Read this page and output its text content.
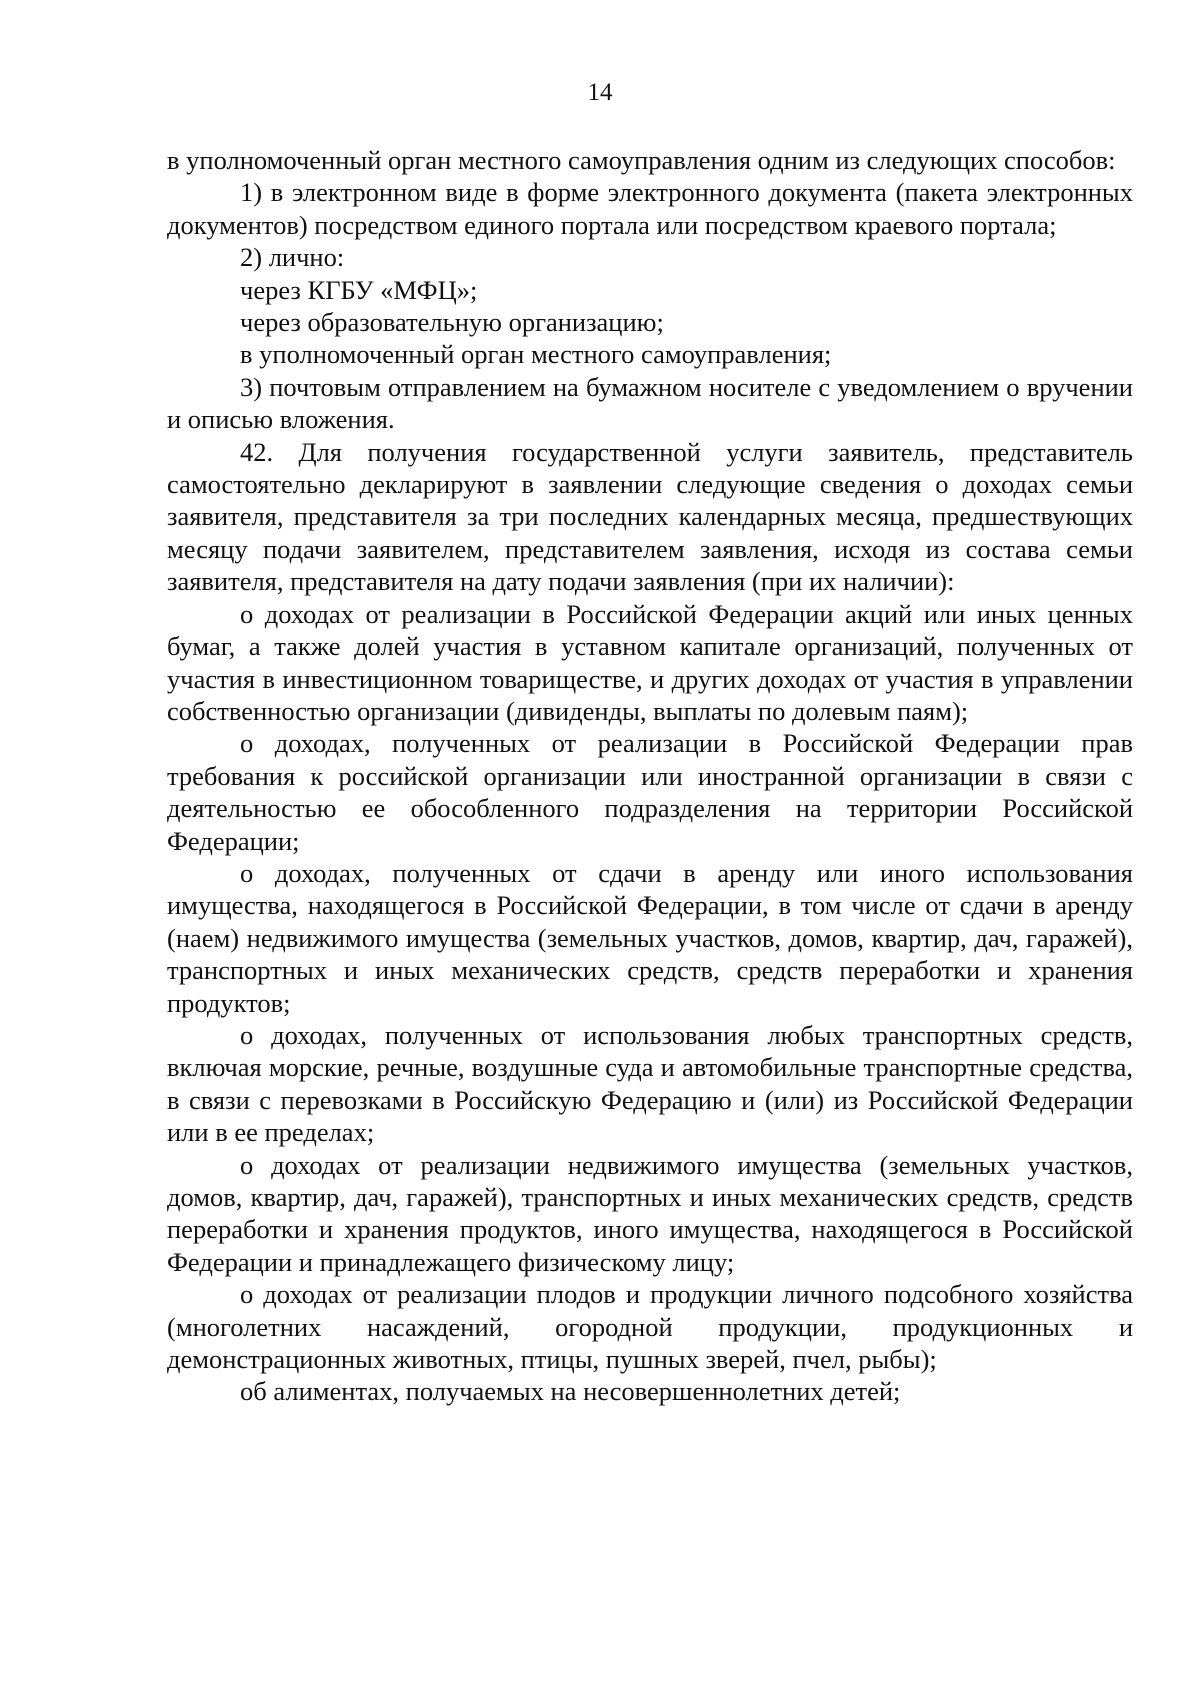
14

в уполномоченный орган местного самоуправления одним из следующих способов:

1) в электронном виде в форме электронного документа (пакета электронных документов) посредством единого портала или посредством краевого портала;

2) лично:

через КГБУ «МФЦ»;

через образовательную организацию;

в уполномоченный орган местного самоуправления;

3) почтовым отправлением на бумажном носителе с уведомлением о вручении и описью вложения.

42. Для получения государственной услуги заявитель, представитель самостоятельно декларируют в заявлении следующие сведения о доходах семьи заявителя, представителя за три последних календарных месяца, предшествующих месяцу подачи заявителем, представителем заявления, исходя из состава семьи заявителя, представителя на дату подачи заявления (при их наличии):

о доходах от реализации в Российской Федерации акций или иных ценных бумаг, а также долей участия в уставном капитале организаций, полученных от участия в инвестиционном товариществе, и других доходах от участия в управлении собственностью организации (дивиденды, выплаты по долевым паям);

о доходах, полученных от реализации в Российской Федерации прав требования к российской организации или иностранной организации в связи с деятельностью ее обособленного подразделения на территории Российской Федерации;

о доходах, полученных от сдачи в аренду или иного использования имущества, находящегося в Российской Федерации, в том числе от сдачи в аренду (наем) недвижимого имущества (земельных участков, домов, квартир, дач, гаражей), транспортных и иных механических средств, средств переработки и хранения продуктов;

о доходах, полученных от использования любых транспортных средств, включая морские, речные, воздушные суда и автомобильные транспортные средства, в связи с перевозками в Российскую Федерацию и (или) из Российской Федерации или в ее пределах;

о доходах от реализации недвижимого имущества (земельных участков, домов, квартир, дач, гаражей), транспортных и иных механических средств, средств переработки и хранения продуктов, иного имущества, находящегося в Российской Федерации и принадлежащего физическому лицу;

о доходах от реализации плодов и продукции личного подсобного хозяйства (многолетних насаждений, огородной продукции, продукционных и демонстрационных животных, птицы, пушных зверей, пчел, рыбы);

об алиментах, получаемых на несовершеннолетних детей;
